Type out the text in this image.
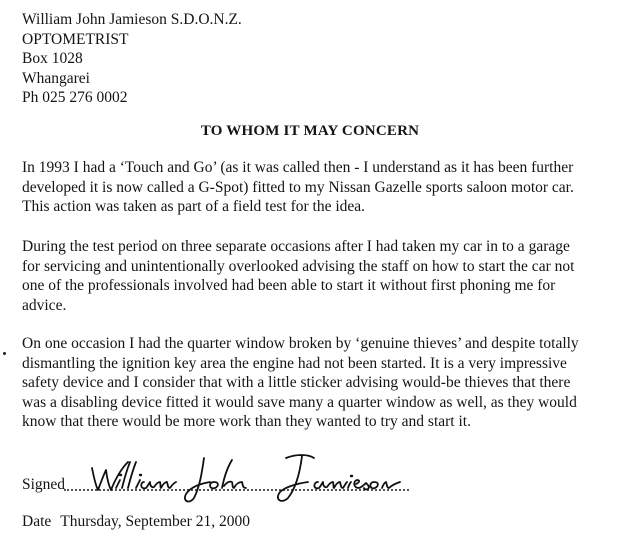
William John Jamieson S.D.O.N.Z.
OPTOMETRIST
Box 1028
Whangarei
Ph 025 276 0002
TO WHOM IT MAY CONCERN
In 1993 I had a ‘Touch and Go’ (as it was called then - I understand as it has been further
developed it is now called a G-Spot) fitted to my Nissan Gazelle sports saloon motor car.
This action was taken as part of a field test for the idea.
During the test period on three separate occasions after I had taken my car in to a garage
for servicing and unintentionally overlooked advising the staff on how to start the car not
one of the professionals involved had been able to start it without first phoning me for
advice.
On one occasion I had the quarter window broken by ‘genuine thieves’ and despite totally
dismantling the ignition key area the engine had not been started. It is a very impressive
safety device and I consider that with a little sticker advising would-be thieves that there
was a disabling device fitted it would save many a quarter window as well, as they would
know that there would be more work than they wanted to try and start it.
Signed
Date Thursday, September 21, 2000
